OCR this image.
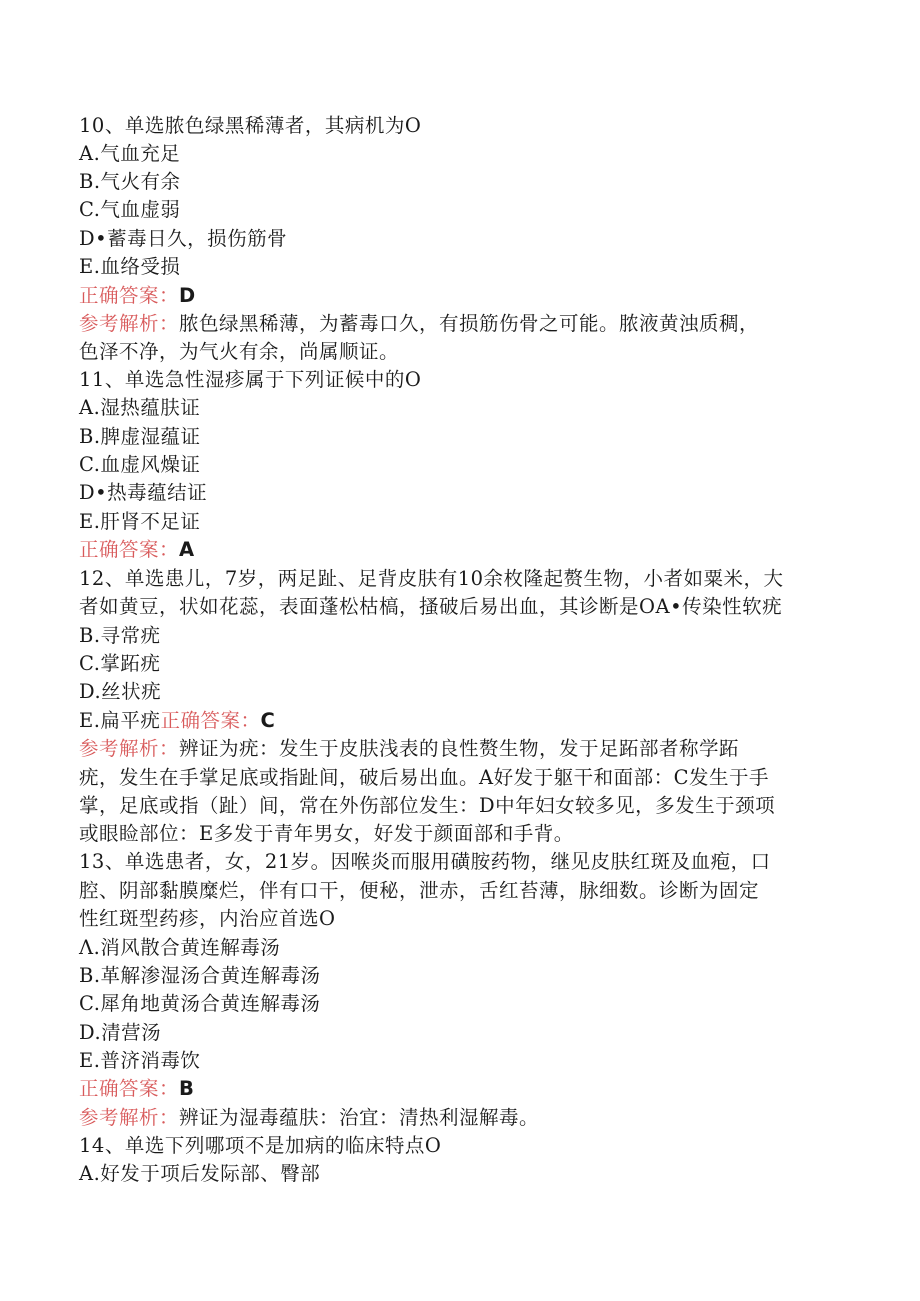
10、单选脓色绿黑稀薄者，其病机为O
A.气血充足
B.气火有余
C.气血虚弱
D•蓄毒日久，损伤筋骨
E.血络受损
正确答案：D
参考解析：脓色绿黑稀薄，为蓄毒口久，有损筋伤骨之可能。脓液黄浊质稠，
色泽不净，为气火有余，尚属顺证。
11、单选急性湿疹属于下列证候中的O
A.湿热蕴肤证
B.脾虚湿蕴证
C.血虚风燥证
D•热毒蕴结证
E.肝肾不足证
正确答案：A
12、单选患儿，7岁，两足趾、足背皮肤有10余枚隆起赘生物，小者如粟米，大
者如黄豆，状如花蕊，表面蓬松枯槁，搔破后易出血，其诊断是OA•传染性软疣
B.寻常疣
C.掌跖疣
D.丝状疣
E.扁平疣正确答案：C
参考解析：辨证为疣：发生于皮肤浅表的良性赘生物，发于足跖部者称学跖
疣，发生在手掌足底或指趾间，破后易出血。A好发于躯干和面部：C发生于手
掌，足底或指（趾）间，常在外伤部位发生：D中年妇女较多见，多发生于颈项
或眼睑部位：E多发于青年男女，好发于颜面部和手背。
13、单选患者，女，21岁。因喉炎而服用磺胺药物，继见皮肤红斑及血疱，口
腔、阴部黏膜糜烂，伴有口干，便秘，泄赤，舌红苔薄，脉细数。诊断为固定
性红斑型药疹，内治应首选O
Λ.消风散合黄连解毒汤
B.革解渗湿汤合黄连解毒汤
C.犀角地黄汤合黄连解毒汤
D.清营汤
E.普济消毒饮
正确答案：B
参考解析：辨证为湿毒蕴肤：治宜：清热利湿解毒。
14、单选下列哪项不是加病的临床特点O
A.好发于项后发际部、臀部
